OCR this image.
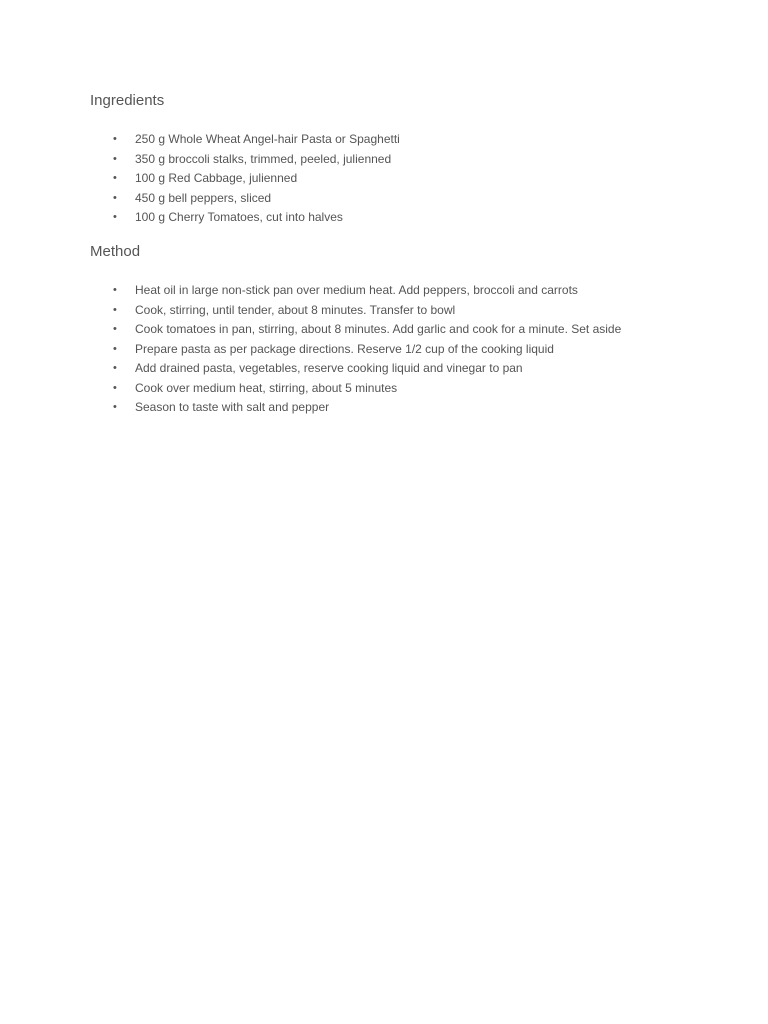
Ingredients
• 250 g Whole Wheat Angel-hair Pasta or Spaghetti
• 350 g broccoli stalks, trimmed, peeled, julienned
• 100 g Red Cabbage, julienned
• 450 g bell peppers, sliced
• 100 g Cherry Tomatoes, cut into halves
Method
• Heat oil in large non-stick pan over medium heat. Add peppers, broccoli and carrots
• Cook, stirring, until tender, about 8 minutes. Transfer to bowl
• Cook tomatoes in pan, stirring, about 8 minutes. Add garlic and cook for a minute. Set aside
• Prepare pasta as per package directions. Reserve 1/2 cup of the cooking liquid
• Add drained pasta, vegetables, reserve cooking liquid and vinegar to pan
• Cook over medium heat, stirring, about 5 minutes
• Season to taste with salt and pepper
